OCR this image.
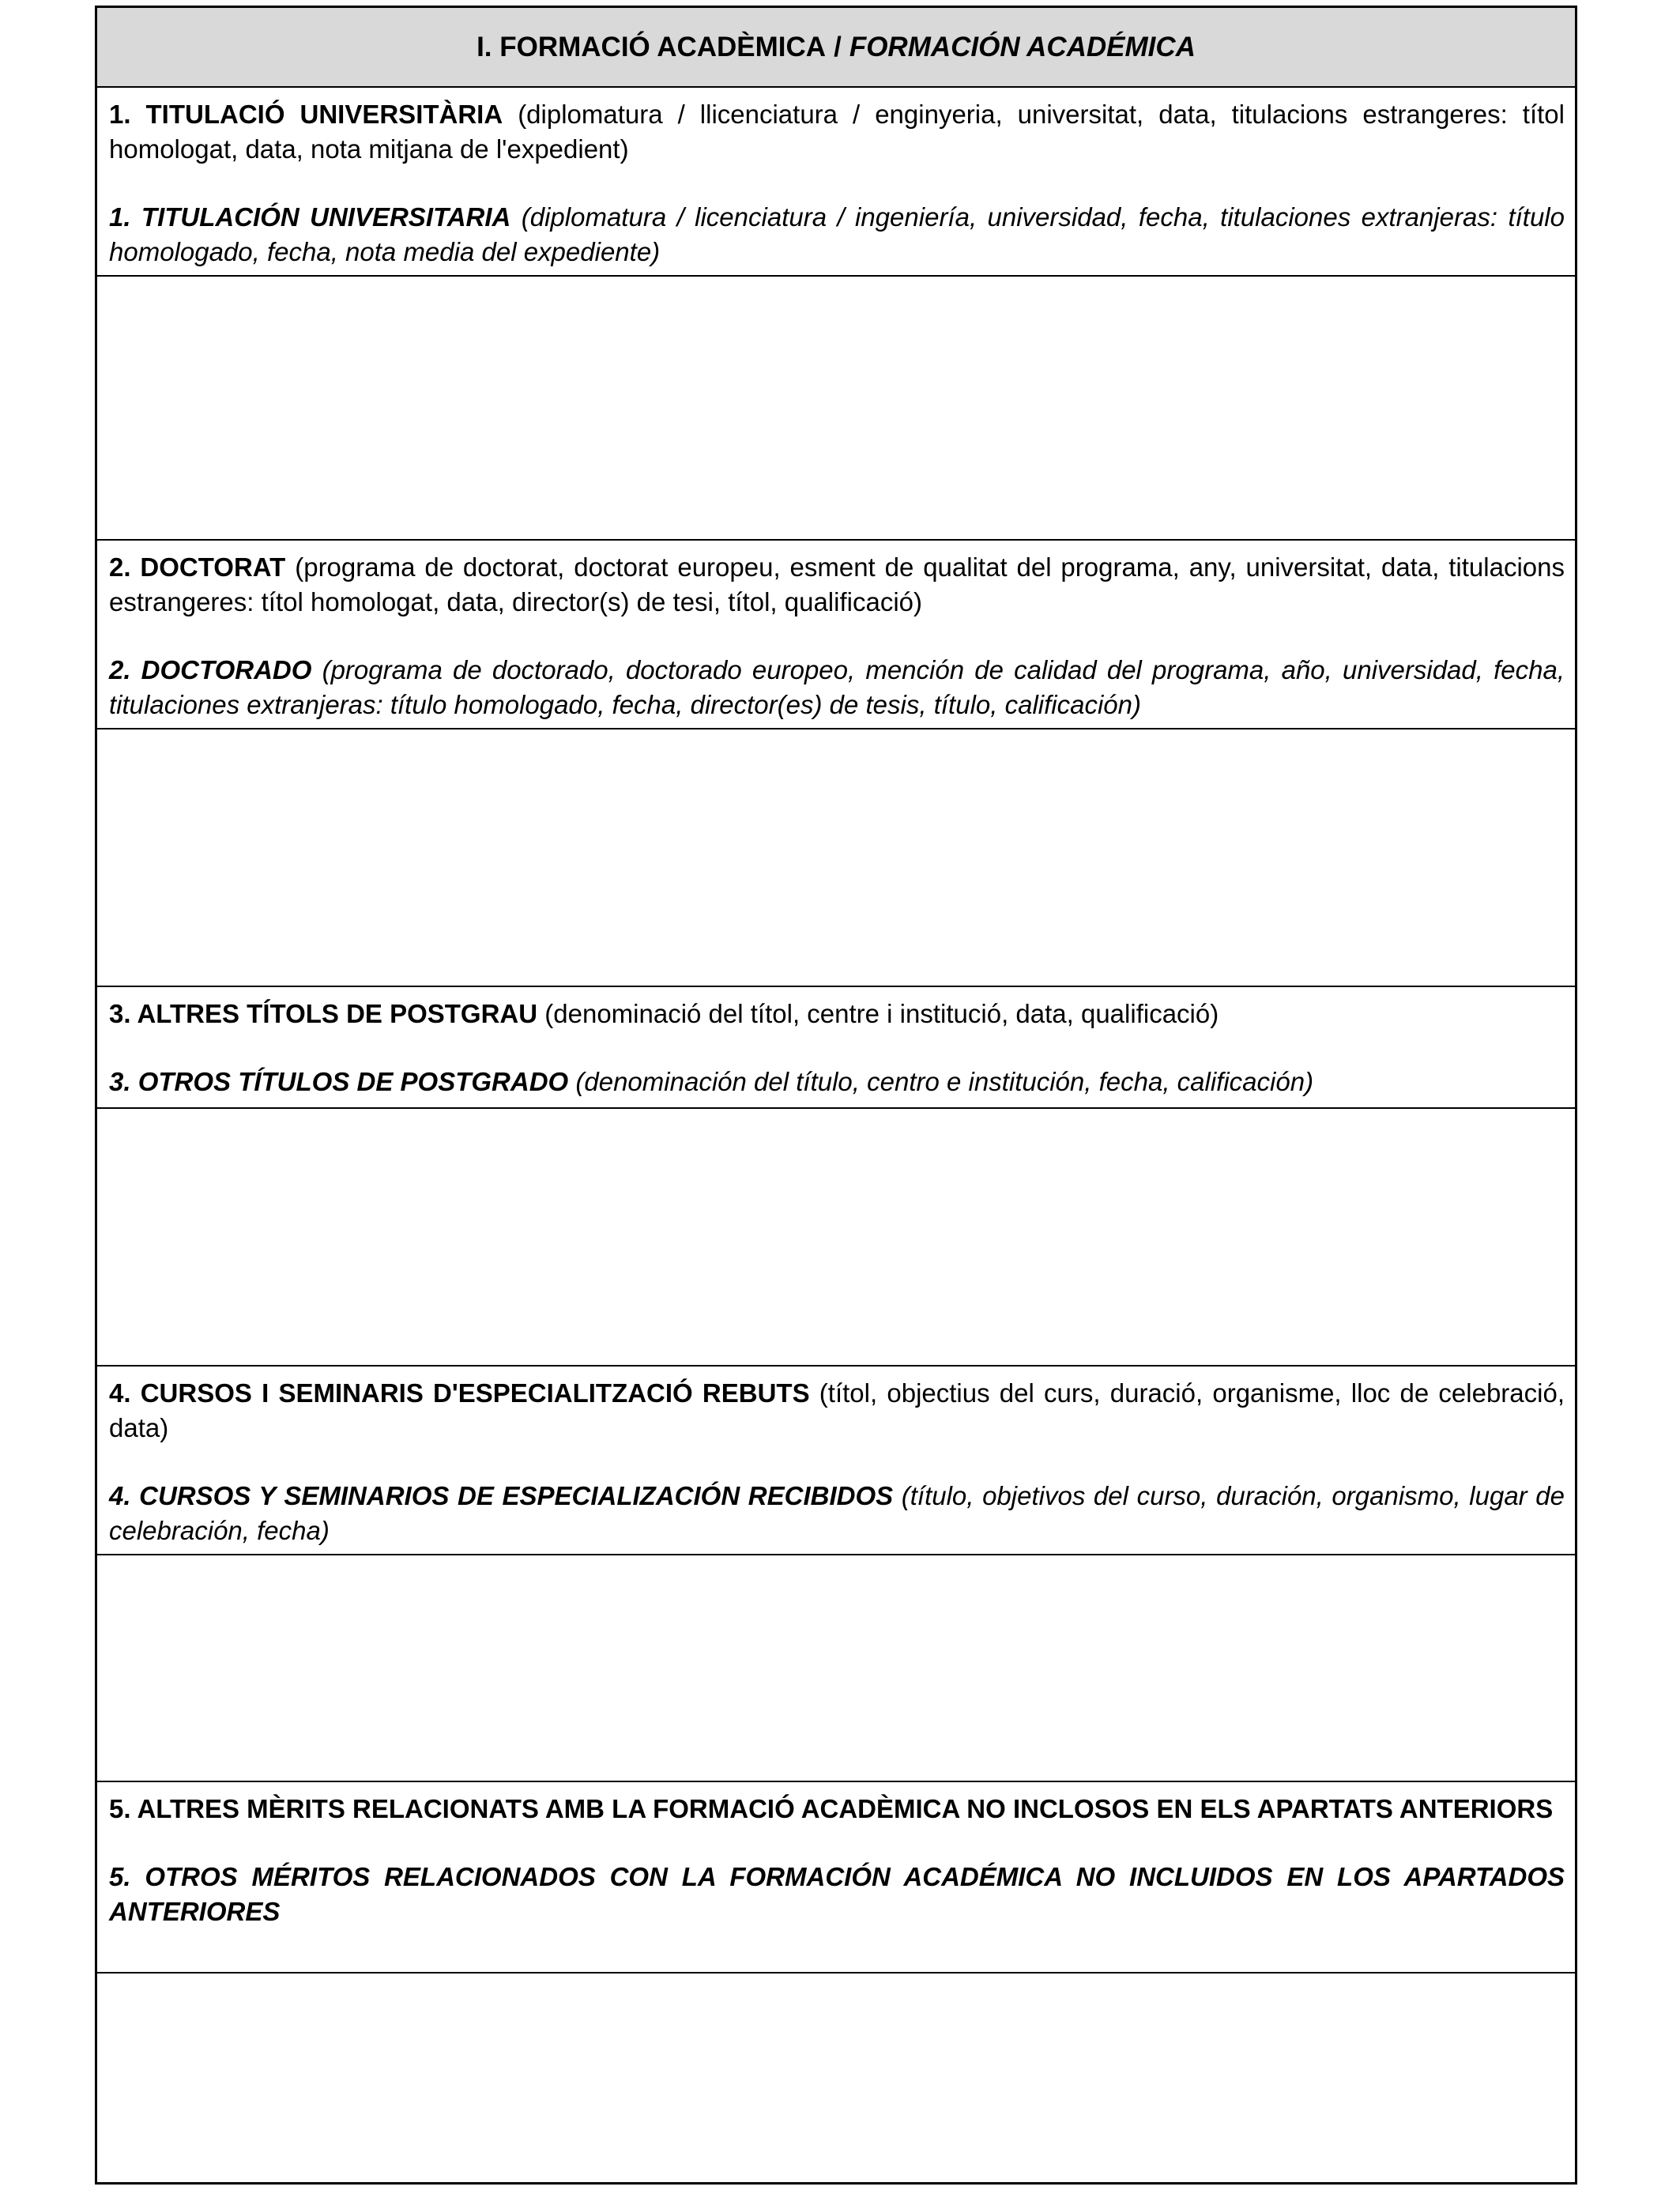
I. FORMACIÓ ACADÈMICA / FORMACIÓN ACADÉMICA

1. TITULACIÓ UNIVERSITÀRIA (diplomatura / llicenciatura / enginyeria, universitat, data, titulacions estrangeres: títol homologat, data, nota mitjana de l'expedient)

1. TITULACIÓN UNIVERSITARIA (diplomatura / licenciatura / ingeniería, universidad, fecha, titulaciones extranjeras: título homologado, fecha, nota media del expediente)

2. DOCTORAT (programa de doctorat, doctorat europeu, esment de qualitat del programa, any, universitat, data, titulacions estrangeres: títol homologat, data, director(s) de tesi, títol, qualificació)

2. DOCTORADO (programa de doctorado, doctorado europeo, mención de calidad del programa, año, universidad, fecha, titulaciones extranjeras: título homologado, fecha, director(es) de tesis, título, calificación)

3. ALTRES TÍTOLS DE POSTGRAU (denominació del títol, centre i institució, data, qualificació)

3. OTROS TÍTULOS DE POSTGRADO (denominación del título, centro e institución, fecha, calificación)

4. CURSOS I SEMINARIS D'ESPECIALITZACIÓ REBUTS (títol, objectius del curs, duració, organisme, lloc de celebració, data)

4. CURSOS Y SEMINARIOS DE ESPECIALIZACIÓN RECIBIDOS (título, objetivos del curso, duración, organismo, lugar de celebración, fecha)

5. ALTRES MÈRITS RELACIONATS AMB LA FORMACIÓ ACADÈMICA NO INCLOSOS EN ELS APARTATS ANTERIORS

5. OTROS MÉRITOS RELACIONADOS CON LA FORMACIÓN ACADÉMICA NO INCLUIDOS EN LOS APARTADOS ANTERIORES
